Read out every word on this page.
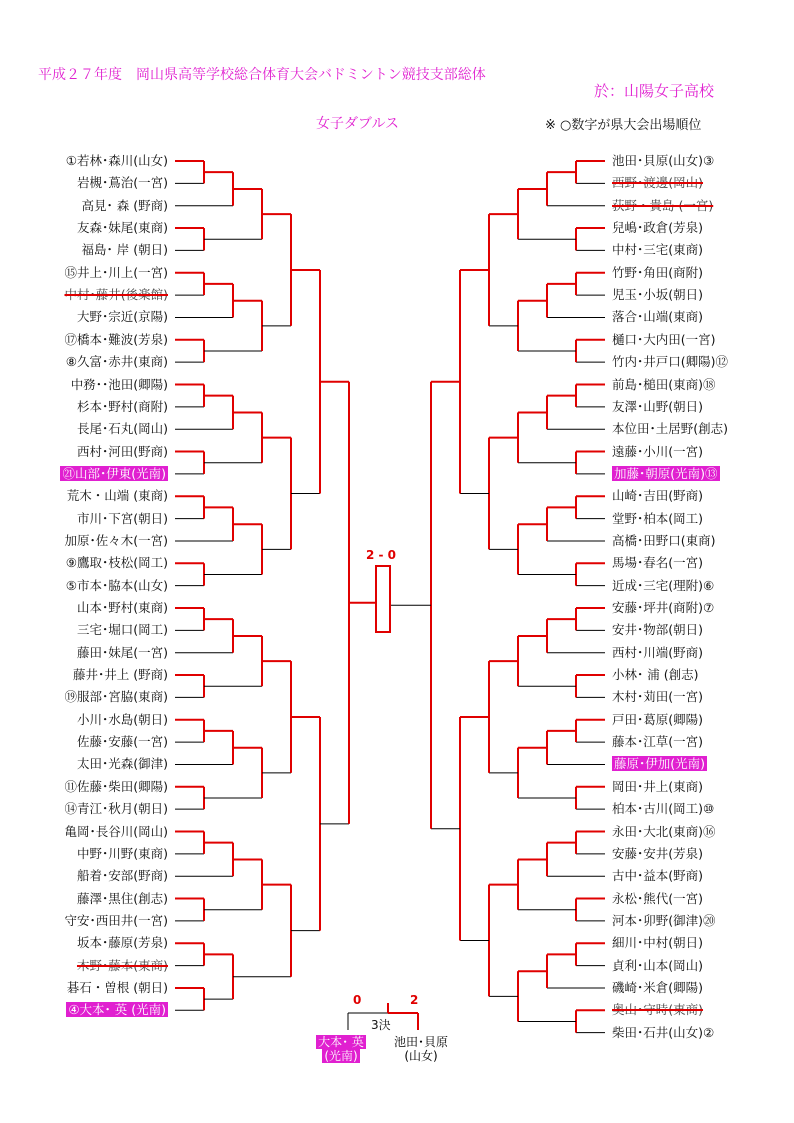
平成２７年度　岡山県高等学校総合体育大会バドミントン競技支部総体
於：山陽女子高校
女子ダブルス	※ ○数字が県大会出場順位
2 - 0
0	2
3決
大本･ 英
(光南)
池田･貝原
(山女)
①若林･森川(山女)
岩槻･蔦治(一宮)
高見･ 森 (野商)
友森･妹尾(東商)
福島･ 岸 (朝日)
⑮井上･川上(一宮)
中村･藤井(後楽館)
大野･宗近(京陽)
⑰橋本･難波(芳泉)
⑧久富･赤井(東商)
中務･･池田(卿陽)
杉本･野村(商附)
長尾･石丸(岡山)
西村･河田(野商)
㉑山部･伊東(光南)
荒木・山端 (東商)
市川･下宮(朝日)
加原･佐々木(一宮)
⑨鷹取･枝松(岡工)
⑤市本･脇本(山女)
山本･野村(東商)
三宅･堀口(岡工)
藤田･妹尾(一宮)
藤井･井上 (野商)
⑲服部･宮脇(東商)
小川･水島(朝日)
佐藤･安藤(一宮)
太田･光森(御津)
⑪佐藤･柴田(卿陽)
⑭青江･秋月(朝日)
亀岡･長谷川(岡山)
中野･川野(東商)
船着･安部(野商)
藤澤･黒住(創志)
守安･西田井(一宮)
坂本･藤原(芳泉)
木野･藤本(東商)
碁石・曽根 (朝日)
④大本･ 英 (光南)
池田･貝原(山女)③
西野･渡邊(岡山)
荻野・貴島 (一宮)
兒嶋･政倉(芳泉)
中村･三宅(東商)
竹野･角田(商附)
児玉･小坂(朝日)
落合･山端(東商)
樋口･大内田(一宮)
竹内･井戸口(卿陽)⑫
前島･槌田(東商)⑱
友澤･山野(朝日)
本位田･土居野(創志)
遠藤･小川(一宮)
加藤･朝原(光南)⑬
山崎･吉田(野商)
堂野･柏本(岡工)
高橋･田野口(東商)
馬場･春名(一宮)
近成･三宅(理附)⑥
安藤･坪井(商附)⑦
安井･物部(朝日)
西村･川端(野商)
小林･ 浦 (創志)
木村･苅田(一宮)
戸田･葛原(卿陽)
藤本･江草(一宮)
藤原･伊加(光南)
岡田･井上(東商)
柏本･古川(岡工)⑩
永田･大北(東商)⑯
安藤･安井(芳泉)
古中･益本(野商)
永松･熊代(一宮)
河本･卯野(御津)⑳
細川･中村(朝日)
貞利･山本(岡山)
磯崎･米倉(卿陽)
奥山･守時(東商)
柴田･石井(山女)②
